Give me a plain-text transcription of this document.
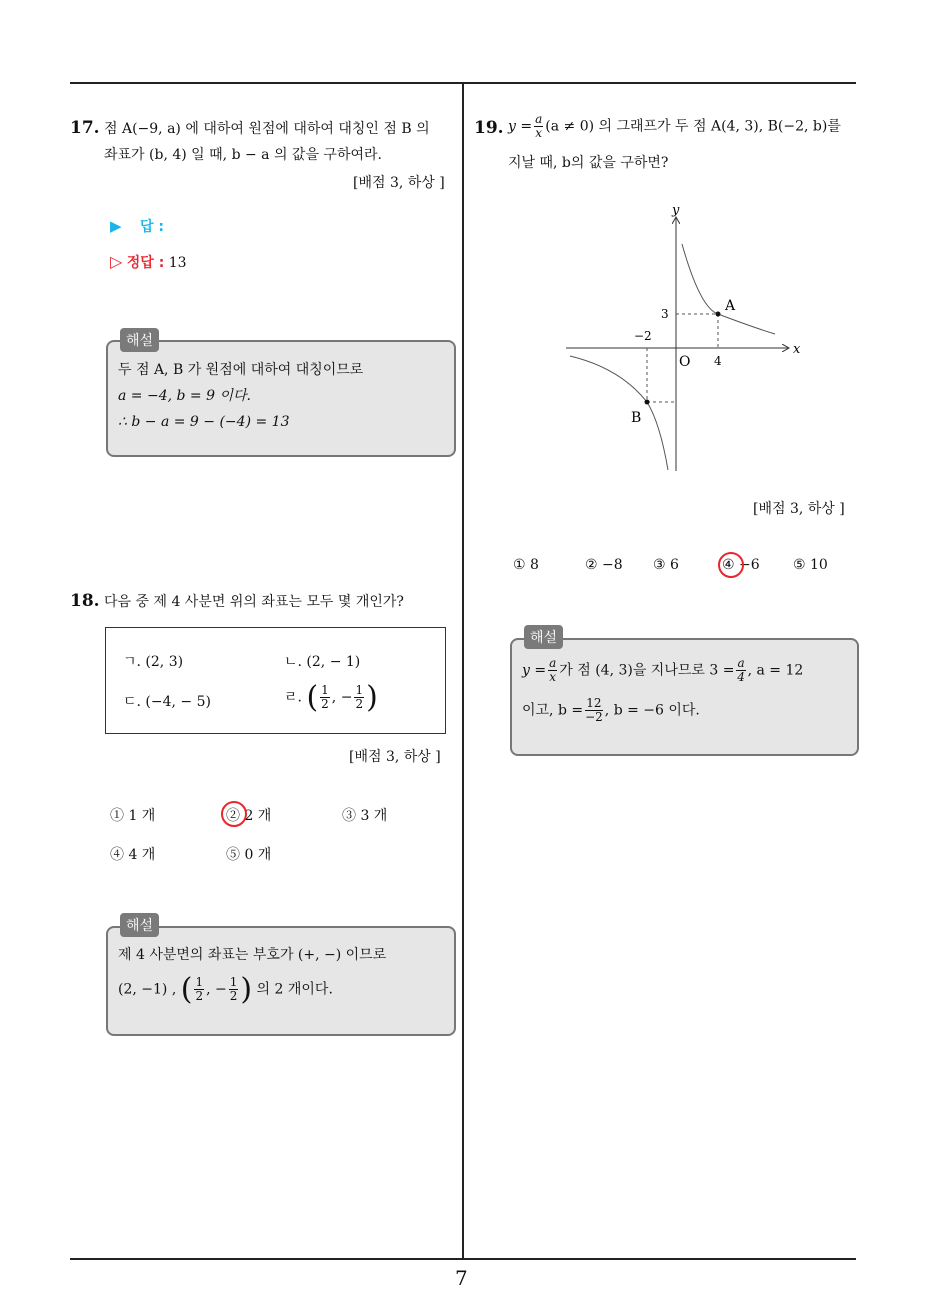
7
17. 점 A(−9, a) 에 대하여 원점에 대하여 대칭인 점 B 의
좌표가 (b, 4) 일 때, b − a 의 값을 구하여라.
[배점 3, 하상 ]
▶ 답 :
▷ 정답 : 13
해설
두 점 A, B 가 원점에 대하여 대칭이므로
a = −4, b = 9 이다.
∴ b − a = 9 − (−4) = 13
18. 다음 중 제 4 사분면 위의 좌표는 모두 몇 개인가?
ㄱ. (2, 3)	ㄴ. (2, − 1)
ㄷ. (−4, − 5)	ㄹ. ( $\frac{1}{2}$ , − $\frac{1}{2}$ )
[배점 3, 하상 ]
① 1 개	② 2 개	③ 3 개
④ 4 개	⑤ 0 개
해설
제 4 사분면의 좌표는 부호가 (+, −) 이므로
(2, −1) , ( $\frac{1}{2}$ , − $\frac{1}{2}$ ) 의 2 개이다.
19. $y = \frac{a}{x} (a \ne 0)$ 의 그래프가 두 점 A(4, 3), B(−2, b)를
지날 때, b의 값을 구하면?
y
x
O
3
−2
4
A
B
[배점 3, 하상 ]
① 8	② −8 ③ 6	④ −6 ⑤ 10
해설
$y = \frac{a}{x}$ 가 점 (4, 3)을 지나므로 $3 = \frac{a}{4}$ , a = 12
이고, $b = \frac{12}{-2}$ , b = −6 이다.
